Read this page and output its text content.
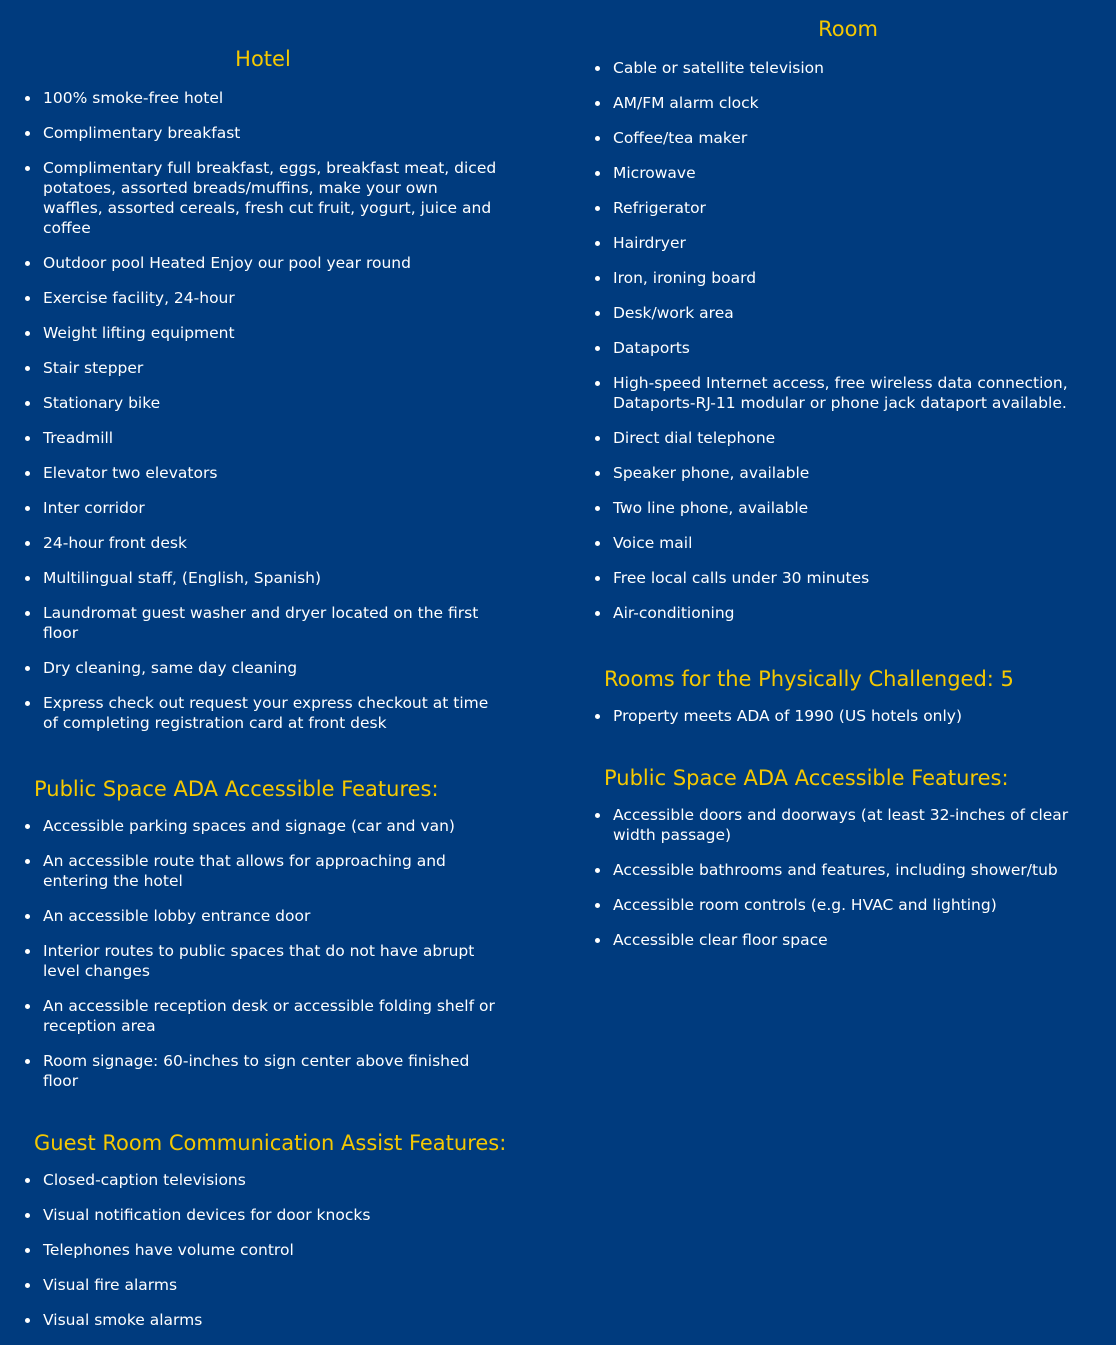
Hotel
100% smoke-free hotel
Complimentary breakfast
Complimentary full breakfast, eggs, breakfast meat, diced potatoes, assorted breads/muffins, make your own waffles, assorted cereals, fresh cut fruit, yogurt, juice and coffee
Outdoor pool Heated Enjoy our pool year round
Exercise facility, 24-hour
Weight lifting equipment
Stair stepper
Stationary bike
Treadmill
Elevator two elevators
Inter corridor
24-hour front desk
Multilingual staff, (English, Spanish)
Laundromat guest washer and dryer located on the first floor
Dry cleaning, same day cleaning
Express check out request your express checkout at time of completing registration card at front desk
Public Space ADA Accessible Features:
Accessible parking spaces and signage (car and van)
An accessible route that allows for approaching and entering the hotel
An accessible lobby entrance door
Interior routes to public spaces that do not have abrupt level changes
An accessible reception desk or accessible folding shelf or reception area
Room signage: 60-inches to sign center above finished floor
Guest Room Communication Assist Features:
Closed-caption televisions
Visual notification devices for door knocks
Telephones have volume control
Visual fire alarms
Visual smoke alarms
Room
Cable or satellite television
AM/FM alarm clock
Coffee/tea maker
Microwave
Refrigerator
Hairdryer
Iron, ironing board
Desk/work area
Dataports
High-speed Internet access, free wireless data connection, Dataports-RJ-11 modular or phone jack dataport available.
Direct dial telephone
Speaker phone, available
Two line phone, available
Voice mail
Free local calls under 30 minutes
Air-conditioning
Rooms for the Physically Challenged: 5
Property meets ADA of 1990 (US hotels only)
Public Space ADA Accessible Features:
Accessible doors and doorways (at least 32-inches of clear width passage)
Accessible bathrooms and features, including shower/tub
Accessible room controls (e.g. HVAC and lighting)
Accessible clear floor space
